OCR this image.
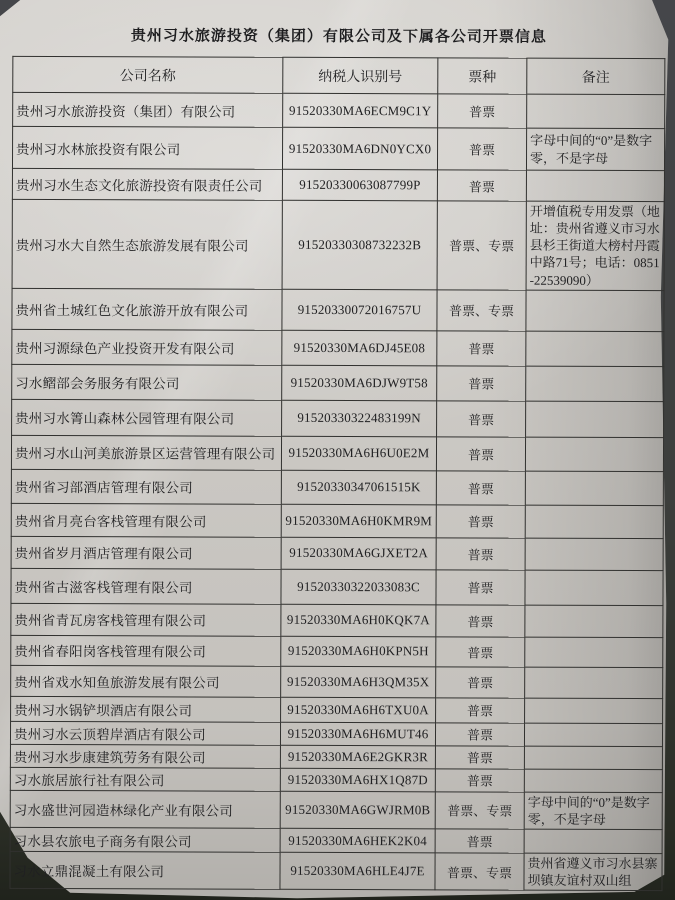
贵州习水旅游投资（集团）有限公司及下属各公司开票信息
公司名称	纳税人识别号	票种	备注
贵州习水旅游投资（集团）有限公司	91520330MA6ECM9C1Y	普票	
贵州习水林旅投资有限公司	91520330MA6DN0YCX0	普票	字母中间的“0”是数字零，不是字母
贵州习水生态文化旅游投资有限责任公司	91520330063087799P	普票	
贵州习水大自然生态旅游发展有限公司	91520330308732232B	普票、专票	开增值税专用发票（地址：贵州省遵义市习水县杉王街道大榜村丹霞中路71号；电话：0851-22539090）
贵州省土城红色文化旅游开放有限公司	91520330072016757U	普票、专票	
贵州习源绿色产业投资开发有限公司	91520330MA6DJ45E08	普票	
习水鳛部会务服务有限公司	91520330MA6DJW9T58	普票	
贵州习水箐山森林公园管理有限公司	91520330322483199N	普票	
贵州习水山河美旅游景区运营管理有限公司	91520330MA6H6U0E2M	普票	
贵州省习部酒店管理有限公司	91520330347061515K	普票	
贵州省月亮台客栈管理有限公司	91520330MA6H0KMR9M	普票	
贵州省岁月酒店管理有限公司	91520330MA6GJXET2A	普票	
贵州省古滋客栈管理有限公司	91520330322033083C	普票	
贵州省青瓦房客栈管理有限公司	91520330MA6H0KQK7A	普票	
贵州省春阳岗客栈管理有限公司	91520330MA6H0KPN5H	普票	
贵州省戏水知鱼旅游发展有限公司	91520330MA6H3QM35X	普票	
贵州习水锅铲坝酒店有限公司	91520330MA6H6TXU0A	普票	
贵州习水云顶碧岸酒店有限公司	91520330MA6H6MUT46	普票	
贵州习水步康建筑劳务有限公司	91520330MA6E2GKR3R	普票	
习水旅居旅行社有限公司	91520330MA6HX1Q87D	普票	
习水盛世河园造林绿化产业有限公司	91520330MA6GWJRM0B	普票、专票	字母中间的“0”是数字零，不是字母
习水县农旅电子商务有限公司	91520330MA6HEK2K04	普票	
习水立鼎混凝土有限公司	91520330MA6HLE4J7E	普票、专票	贵州省遵义市习水县寨坝镇友谊村双山组
